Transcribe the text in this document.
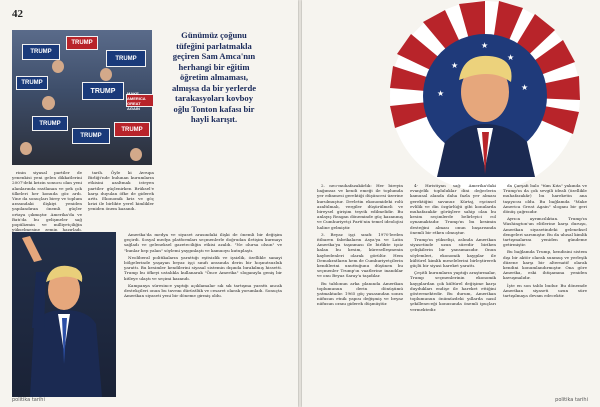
42
TRUMP
TRUMP
TRUMP
TRUMP
TRUMP	MAKE AMERICA GREAT AGAIN
TRUMP
TRUMP
TRUMP
Günümüz çoğunu tüfeğini parlatmakla geçiren Sam Amca'nın herhangi bir eğitim öğretim almaması, almışsa da bir yerlerde tarakasyoları kovboy oğlu Tonton kafası bir hayli karışıt.

rinin siyasal partiler de yenenkisi yeni gelen dikkatlerini 2007'deki krizin sonucu olan yeni alanlarında rastlanan ve pek çok ülkeleri her konuda göz ardı. Yine da sonuçları birey ve toplum arasındaki ilişkiyi yeniden yapılandıran önemli güçler ortaya çıkmıştır. Amerika'da ve Batı'da bu gelişmeler sağ popülizmin ve milliyetçiliğin yükselmesine zemin hazırladı.

tarih. Öyle ki Avrupa Birliği'nde bulunan kurumların etkisini azaltmak isteyen partiler güçlenirken Brüksel'e karşı duyulan öfke de giderek arttı. Ekonomik kriz ve göç krizi ile birlikte yerel kimlikler yeniden önem kazandı.

Amerika'da medya ve siyaset arasındaki ilişki de önemli bir değişim geçirdi. Sosyal medya platformları seçmenlerle doğrudan iletişim kurmayı sağladı ve geleneksel gazeteciliğin etkisi azaldı. "Ne olursa olsun" ve "bunlar hep yalan" söylemi yaygınlaştı ve kamuoyu kutuplaştı.

Neoliberal politikaların yarattığı eşitsizlik ve işsizlik, özellikle sanayi bölgelerinde yaşayan beyaz işçi sınıfı arasında derin bir hoşnutsuzluk yarattı. Bu kesimler kendilerini siyasal sistemin dışında bırakılmış hissetti. Trump bu öfkeyi ustalıkla kullanarak "Önce Amerika" sloganıyla geniş bir kitleye ulaştı ve seçimi kazandı.

Kampanya süresince yaptığı açıklamalar sık sık tartışma yarattı ancak destekçileri onun bu tavrını dürüstlük ve cesaret olarak yorumladı. Sonuçta Amerikan siyaseti yeni bir döneme girmiş oldu.

politika tarihi	politika tarihi
★
★
★
★
★

2. neo-muhafazakârlık: Her bireyin bağımsız ve kendi emeği ile toplumda yer edinmesi gerektiği düşüncesi üzerine kurulmuştur. Devletin ekonomideki rolü azaltılmalı, vergiler düşürülmeli ve bireysel girişim teşvik edilmelidir. Bu anlayış Reagan döneminde güç kazanmış ve Cumhuriyetçi Parti'nin temel ideolojisi haline gelmiştir.

3. Beyaz işçi sınıfı: 1970'lerden itibaren fabrikaların Asya'ya ve Latin Amerika'ya taşınması ile birlikte işsiz kalan bu kesim, küreselleşmenin kaybedenleri olarak görülür. Hem Demokratların hem de Cumhuriyetçilerin kendilerini unuttuğunu düşünen bu seçmenler Trump'ın vaatlerine inandılar ve onu Beyaz Saray'a taşıdılar.

Bu tablonun arka planında Amerikan toplumunun derin dönüşümü yatmaktadır. 1965 göç yasasından sonra nüfusun etnik yapısı değişmiş ve beyaz nüfusun oranı giderek düşmüştür.

4- Hıristiyan sağ: Amerika'daki evanjelik topluluklar dini değerlerin kamusal alanda daha fazla yer alması gerektiğini savunur. Kürtaj, eşcinsel evlilik ve din özgürlüğü gibi konularda muhafazakâr görüşlere sahip olan bu kesim seçimlerde belirleyici rol oynamaktadır. Trump'ın bu kesimin desteğini alması onun başarısında önemli bir etken olmuştur.

Trump'ın yükselişi, aslında Amerikan siyasetinde uzun süredir biriken çelişkilerin bir yansımasıdır. Onun söylemleri, ekonomik kaygılar ile kültürel kimlik meselelerini birleştirerek güçlü bir siyasi hareket yarattı.

Çeşitli kurumların yaptığı araştırmalar, Trump seçmenlerinin ekonomik kaygılardan çok kültürel değişime karşı duydukları endişe ile hareket ettiğini göstermektedir. Bu durum, Amerikan toplumunun önümüzdeki yıllarda nasıl şekilleneceği konusunda önemli ipuçları vermektedir.

da Çarşafı balo "tüm Kıta" yakında ve Trump'ın da çok sevgili ideali (özellikle muhafazakâr) bu hareketin ana taşıyıcısı oldu. Bu bağlamda "Make America Great Again" sloganı bir geri dönüş çağrısıdır.

Ayrıca ayrımcılıktan. Trump'ın Washington'un elitlerine karşı duruşu, Amerikan siyasetindeki geleneksel dengeleri sarsmıştır. Bu da ulusal kimlik tartışmalarını yeniden gündeme getirmiştir.

Bu bağlamda Trump, kendisini sistem dışı bir aktör olarak sunmuş ve yerleşik düzene karşı bir alternatif olarak kendini konumlandırmıştır. Ona göre Amerika, eski ihtişamına yeniden kavuşmalıdır.

İşte en son tablo budur. Bu dönemde Amerikan siyaseti uzun süre tartışılmaya devam edecektir.
